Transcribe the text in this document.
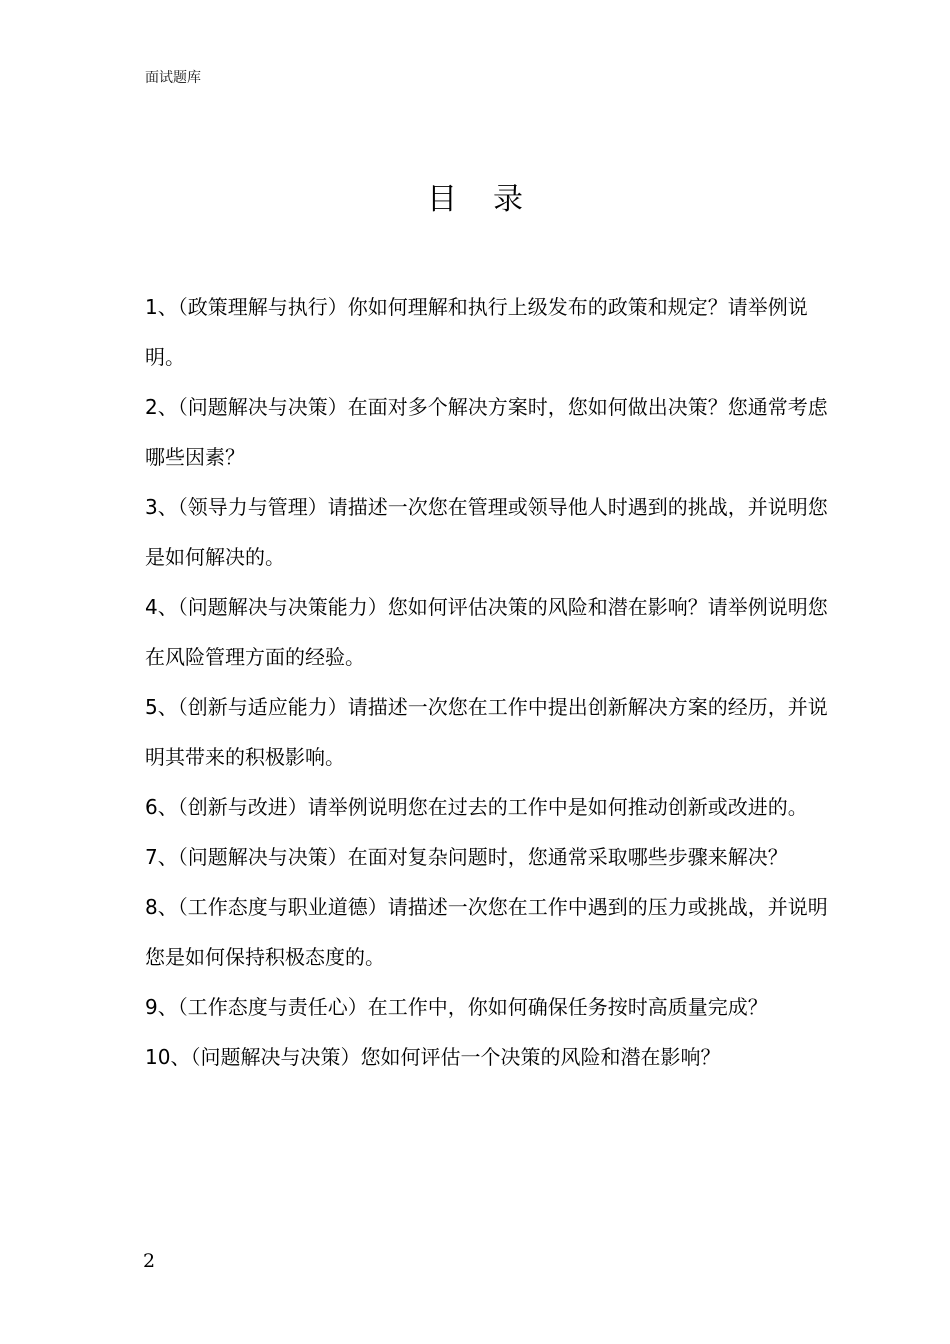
面试题库
目录
1、（政策理解与执行）你如何理解和执行上级发布的政策和规定？请举例说明。
2、（问题解决与决策）在面对多个解决方案时，您如何做出决策？您通常考虑哪些因素？
3、（领导力与管理）请描述一次您在管理或领导他人时遇到的挑战，并说明您是如何解决的。
4、（问题解决与决策能力）您如何评估决策的风险和潜在影响？请举例说明您在风险管理方面的经验。
5、（创新与适应能力）请描述一次您在工作中提出创新解决方案的经历，并说明其带来的积极影响。
6、（创新与改进）请举例说明您在过去的工作中是如何推动创新或改进的。
7、（问题解决与决策）在面对复杂问题时，您通常采取哪些步骤来解决？
8、（工作态度与职业道德）请描述一次您在工作中遇到的压力或挑战，并说明您是如何保持积极态度的。
9、（工作态度与责任心）在工作中，你如何确保任务按时高质量完成？
10、（问题解决与决策）您如何评估一个决策的风险和潜在影响？
2
